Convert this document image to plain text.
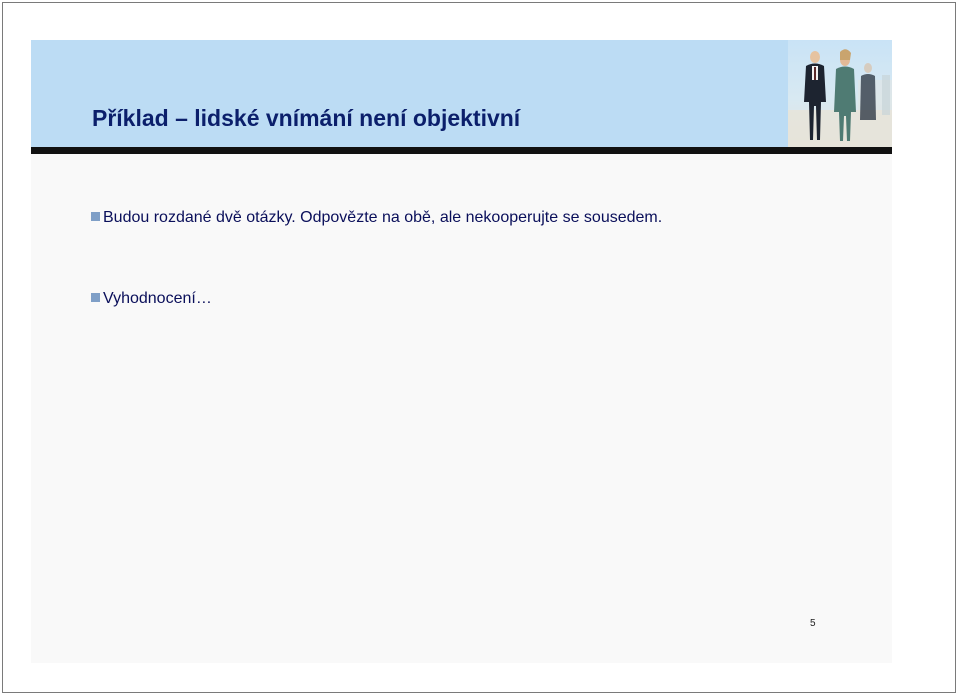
Příklad – lidské vnímání není objektivní
Budou rozdané dvě otázky. Odpovězte na obě, ale nekooperujte se sousedem.
Vyhodnocení…
5
